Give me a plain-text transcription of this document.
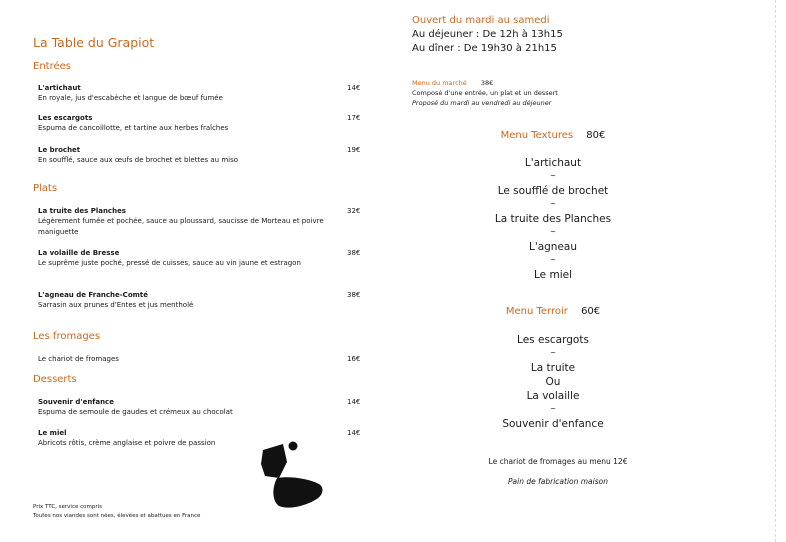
La Table du Grapiot
Entrées
L'artichaut
En royale, jus d'escabèche et langue de bœuf fumée
14€
Les escargots
Espuma de cancoillotte, et tartine aux herbes fraîches
17€
Le brochet
En soufflé, sauce aux œufs de brochet et blettes au miso
19€
Plats
La truite des Planches
Légèrement fumée et pochée, sauce au ploussard, saucisse de Morteau et poivre maniguette
32€
La volaille de Bresse
Le suprême juste poché, pressé de cuisses, sauce au vin jaune et estragon
38€
L'agneau de Franche-Comté
Sarrasin aux prunes d'Entes et jus mentholé
38€
Les fromages
Le chariot de fromages	16€
Desserts
Souvenir d'enfance
Espuma de semoule de gaudes et crémeux au chocolat
14€
Le miel
Abricots rôtis, crème anglaise et poivre de passion
14€
Prix TTC, service compris
Toutes nos viandes sont nées, élevées et abattues en France
Ouvert du mardi au samedi
Au déjeuner : De 12h à 13h15
Au dîner : De 19h30 à 21h15
Menu du marché 38€
Composé d'une entrée, un plat et un dessert
Proposé du mardi au vendredi au déjeuner
Menu Textures 80€
L'artichaut
~
Le soufflé de brochet
~
La truite des Planches
~
L'agneau
~
Le miel
Menu Terroir 60€
Les escargots
~
La truite
Ou
La volaille
~
Souvenir d'enfance
Le chariot de fromages au menu 12€
Pain de fabrication maison
